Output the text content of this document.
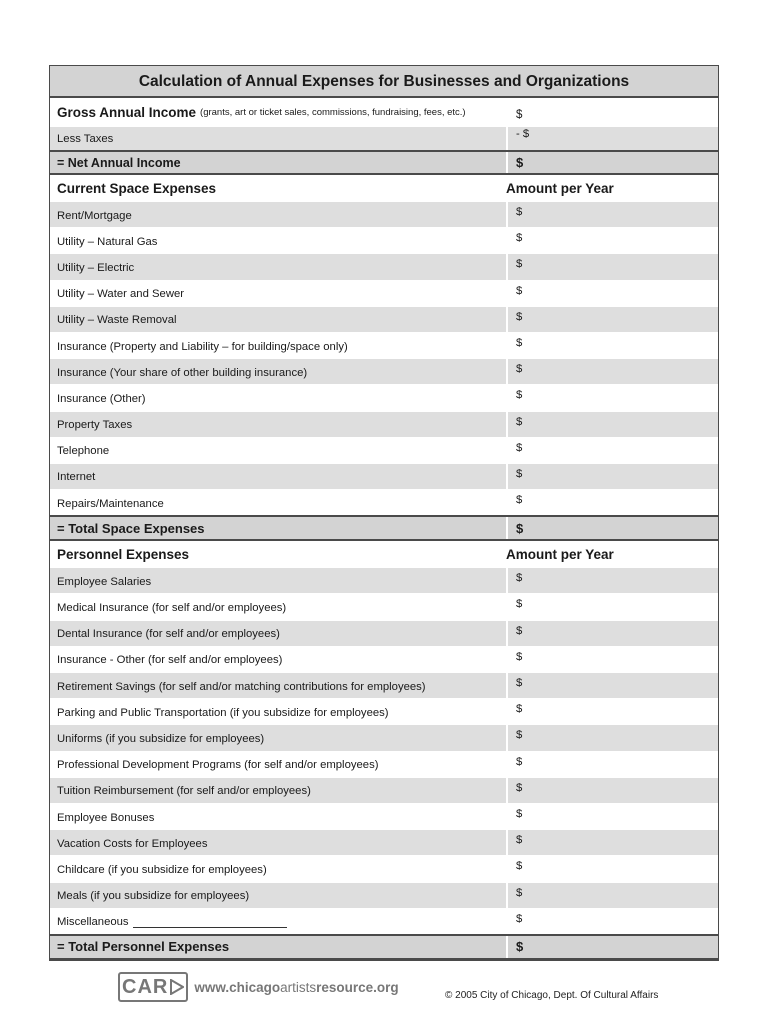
Calculation of Annual Expenses for Businesses and Organizations
Gross Annual Income (grants, art or ticket sales, commissions, fundraising, fees, etc.)	$
Less Taxes	- $
= Net Annual Income	$
Current Space Expenses	Amount per Year
Rent/Mortgage	$
Utility – Natural Gas	$
Utility – Electric	$
Utility – Water and Sewer	$
Utility – Waste Removal	$
Insurance (Property and Liability – for building/space only)	$
Insurance (Your share of other building insurance)	$
Insurance (Other)	$
Property Taxes	$
Telephone	$
Internet	$
Repairs/Maintenance	$
= Total Space Expenses	$
Personnel Expenses	Amount per Year
Employee Salaries	$
Medical Insurance (for self and/or employees)	$
Dental Insurance (for self and/or employees)	$
Insurance - Other (for self and/or employees)	$
Retirement Savings (for self and/or matching contributions for employees)	$
Parking and Public Transportation (if you subsidize for employees)	$
Uniforms (if you subsidize for employees)	$
Professional Development Programs (for self and/or employees)	$
Tuition Reimbursement (for self and/or employees)	$
Employee Bonuses	$
Vacation Costs for Employees	$
Childcare (if you subsidize for employees)	$
Meals (if you subsidize for employees)	$
Miscellaneous	$
= Total Personnel Expenses	$
CAR www.chicagoartistsresource.org
© 2005 City of Chicago, Dept. Of Cultural Affairs
